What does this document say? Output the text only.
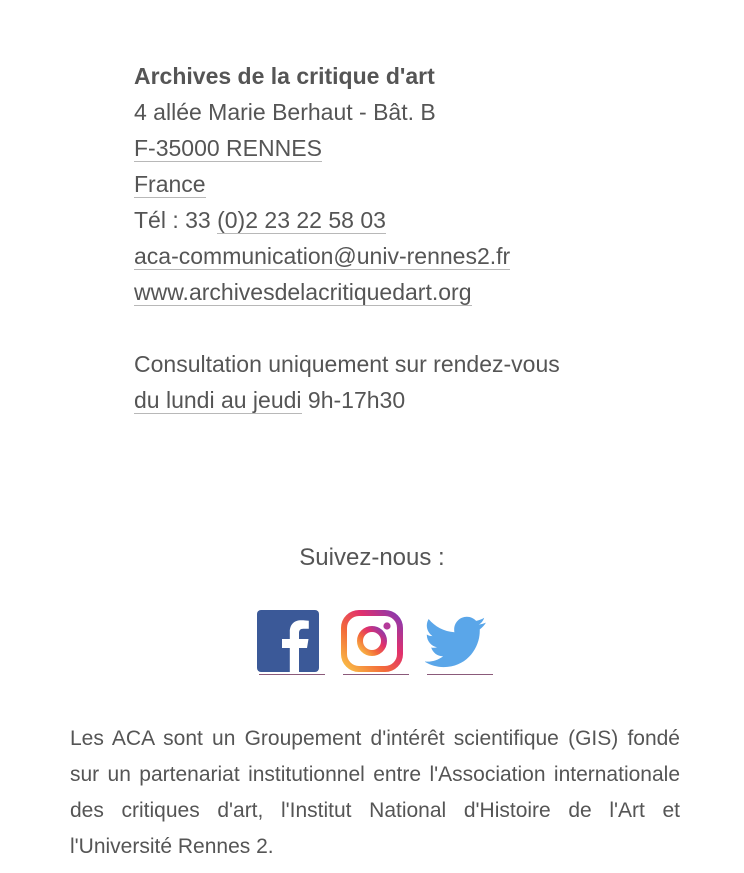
Archives de la critique d'art
4 allée Marie Berhaut - Bât. B
F-35000 RENNES
France
Tél : 33 (0)2 23 22 58 03
aca-communication@univ-rennes2.fr
www.archivesdelacritiquedart.org
Consultation uniquement sur rendez-vous
du lundi au jeudi 9h-17h30
Suivez-nous :

Les ACA sont un Groupement d'intérêt scientifique (GIS) fondé sur un partenariat institutionnel entre l'Association internationale des critiques d'art, l'Institut National d'Histoire de l'Art et l'Université Rennes 2.
